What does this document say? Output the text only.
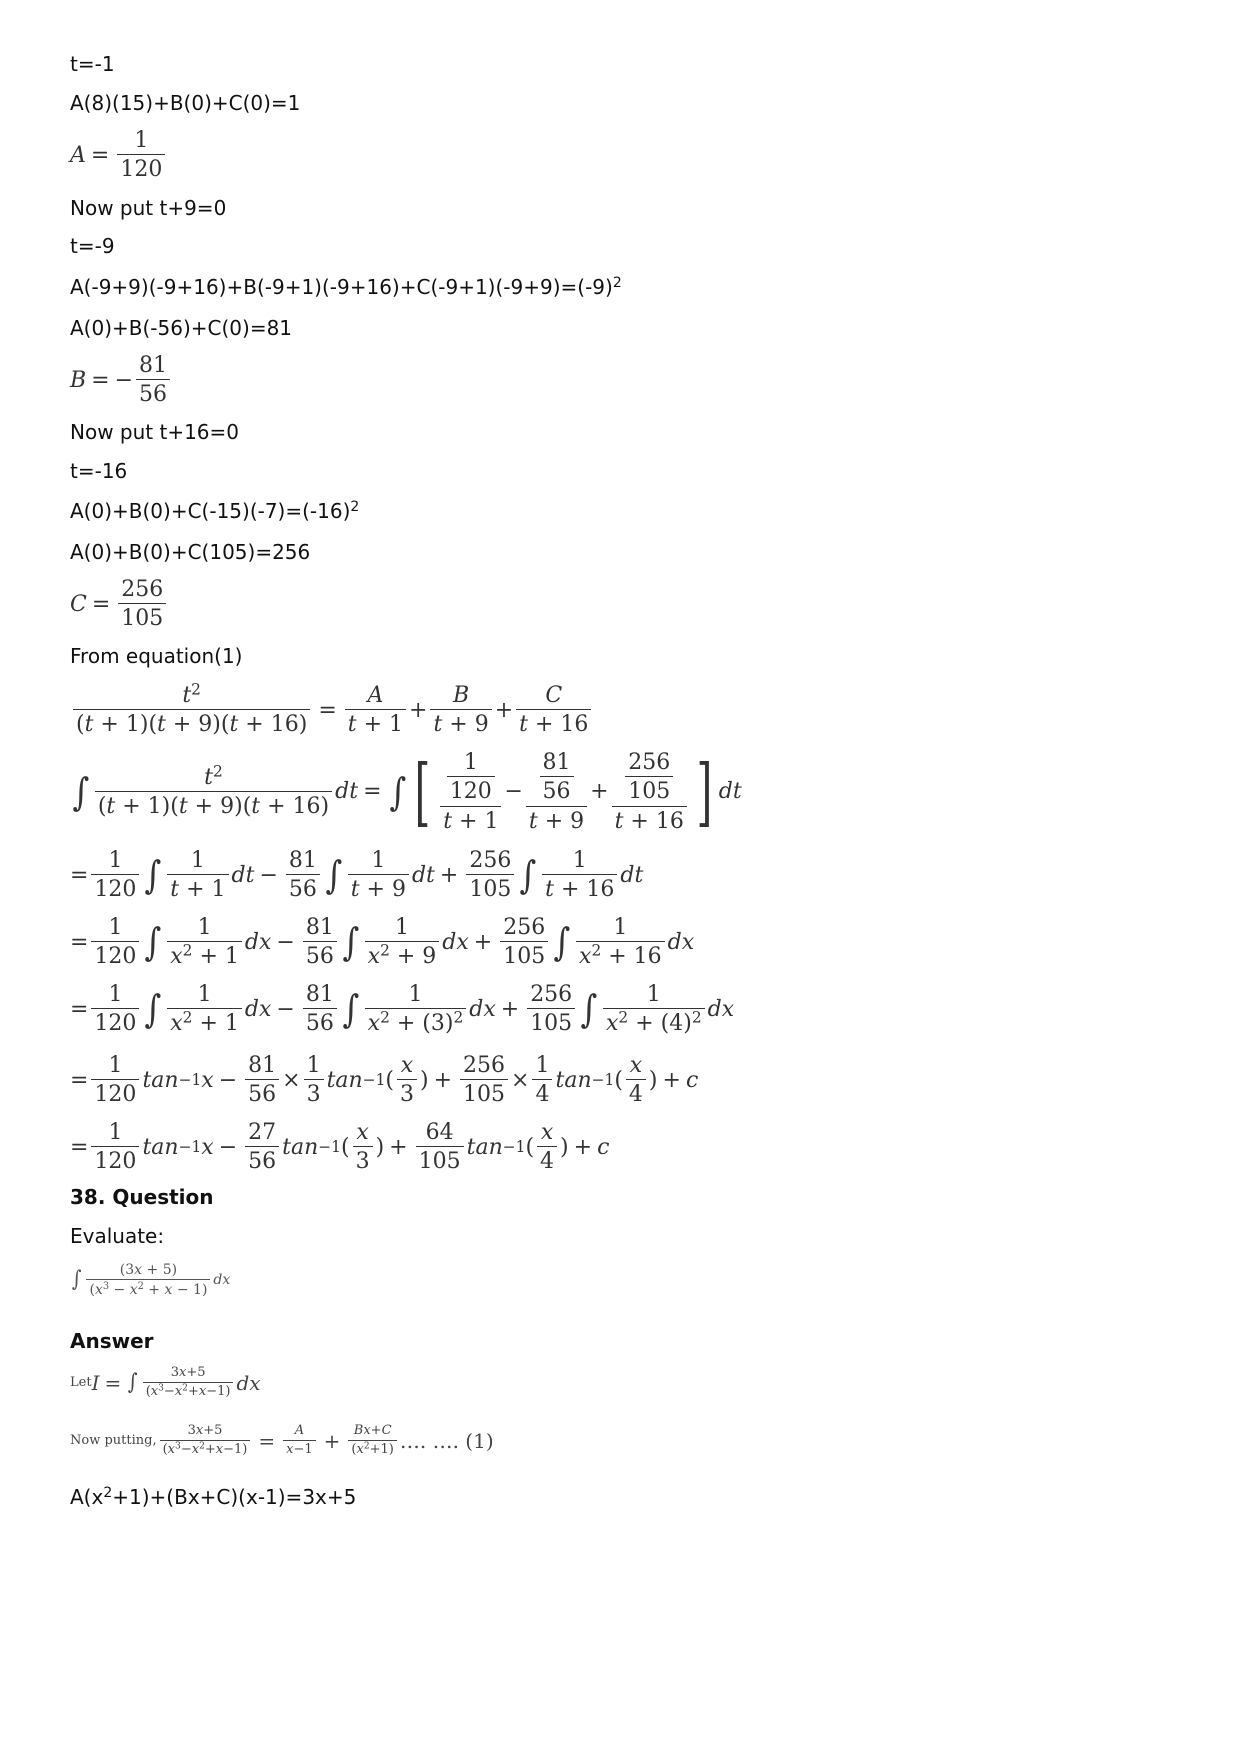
t=-1
A(8)(15)+B(0)+C(0)=1
$A = \frac{1}{120}$
Now put t+9=0
t=-9
$A(-9+9)(-9+16)+B(-9+1)(-9+16)+C(-9+1)(-9+9)=(-9)^2$
A(0)+B(-56)+C(0)=81
B = − $\frac{81}{56}$
Now put t+16=0
t=-16
$A(0)+B(0)+C(-15)(-7)=(-16)^2$
A(0)+B(0)+C(105)=256
$C = \frac{256}{105}$
From equation(1)
$\frac{t^2}{(t + 1)(t + 9)(t + 16)} = \frac{A}{t + 1} + \frac{B}{t + 9} + \frac{C}{t + 16}$
∫ $\frac{t^2}{(t + 1)(t + 9)(t + 16)}$ dt = ∫ [ $\frac{\frac{1}{120}}{t + 1} - \frac{\frac{81}{56}}{t + 9} + \frac{\frac{256}{105}}{t + 16}$ ] dt
= $\frac{1}{120}$ ∫ $\frac{1}{t + 1}$ dt − $\frac{81}{56}$ ∫ $\frac{1}{t + 9}$ dt + $\frac{256}{105}$ ∫ $\frac{1}{t + 16}$ dt
= $\frac{1}{120}$ ∫ $\frac{1}{x^2 + 1}$ dx − $\frac{81}{56}$ ∫ $\frac{1}{x^2 + 9}$ dx + $\frac{256}{105}$ ∫ $\frac{1}{x^2 + 16}$ dx
= $\frac{1}{120}$ ∫ $\frac{1}{x^2 + 1}$ dx − $\frac{81}{56}$ ∫ $\frac{1}{x^2 + (3)^2}$ dx + $\frac{256}{105}$ ∫ $\frac{1}{x^2 + (4)^2}$ dx
= $\frac{1}{120}$ tan −1 $x - \frac{81}{56} \times \frac{1}{3}$ tan −1 ( $\frac{x}{3}$ ) + $\frac{256}{105} \times \frac{1}{4}$ tan −1 ( $\frac{x}{4}$ ) + c
= $\frac{1}{120}$ tan −1 $x - \frac{27}{56}$ tan −1 ( $\frac{x}{3}$ ) + $\frac{64}{105}$ tan −1 ( $\frac{x}{4}$ ) + c
38. Question
Evaluate:
∫ $\frac{(3x + 5)}{(x^3 - x^2 + x - 1)}$ dx
Answer
Let I = ∫ $\frac{3x+5}{(x^3-x^2+x-1)}$ dx
Now putting, $\frac{3x+5}{(x^3-x^2+x-1)} = \frac{A}{x-1} + \frac{Bx+C}{(x^2+1)}$ …. …. (1)
$A(x^2+1)+(Bx+C)(x-1)=3x+5$
